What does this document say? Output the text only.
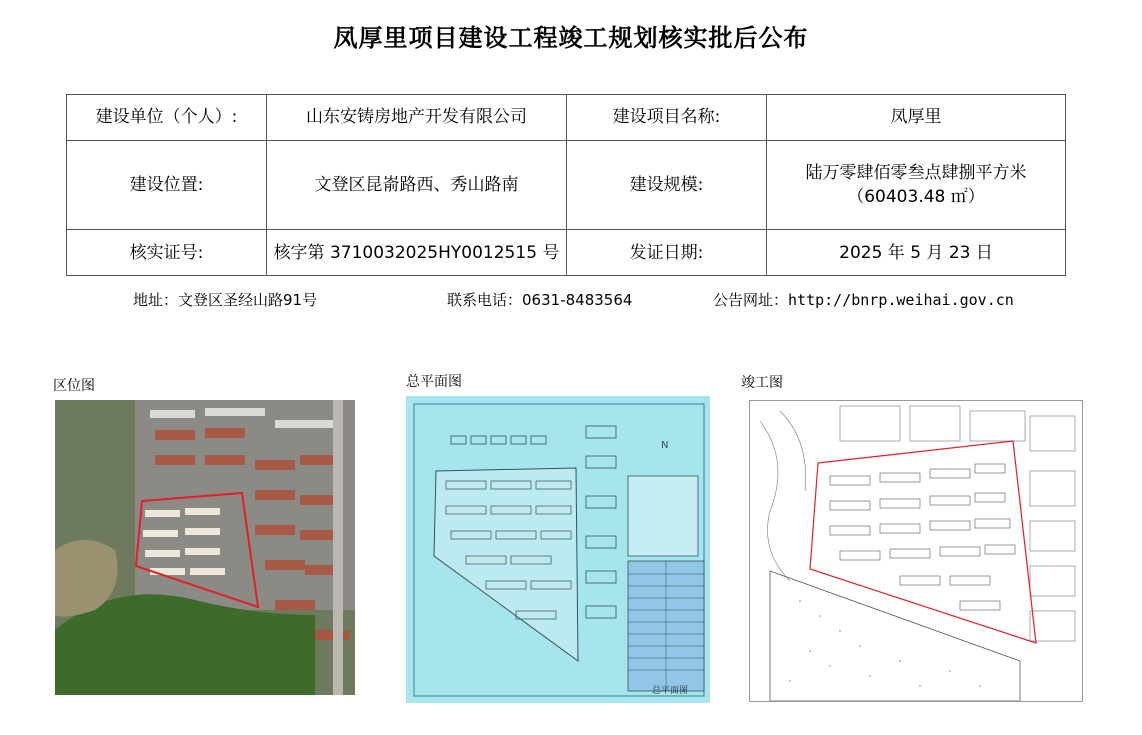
凤厚里项目建设工程竣工规划核实批后公布
建设单位（个人）:	山东安铸房地产开发有限公司	建设项目名称:	凤厚里
建设位置:	文登区昆嵛路西、秀山路南	建设规模:	陆万零肆佰零叁点肆捌平方米
（60403.48 ㎡）

核实证号:	核字第 3710032025HY0012515 号	发证日期:	2025 年 5 月 23 日
地址：文登区圣经山路91号	联系电话：0631-8483564	公告网址：http://bnrp.weihai.gov.cn
区位图	总平面图	竣工图
N
总平面图
